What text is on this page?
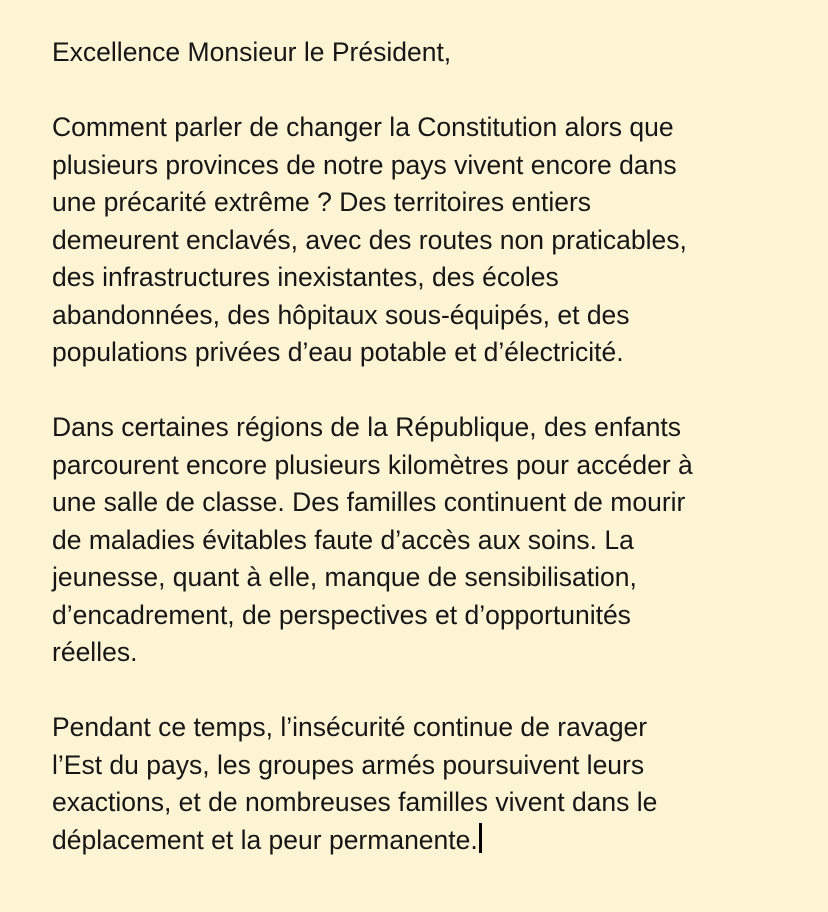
Excellence Monsieur le Président,

Comment parler de changer la Constitution alors que
plusieurs provinces de notre pays vivent encore dans
une précarité extrême ? Des territoires entiers
demeurent enclavés, avec des routes non praticables,
des infrastructures inexistantes, des écoles
abandonnées, des hôpitaux sous-équipés, et des
populations privées d’eau potable et d’électricité.

Dans certaines régions de la République, des enfants
parcourent encore plusieurs kilomètres pour accéder à
une salle de classe. Des familles continuent de mourir
de maladies évitables faute d’accès aux soins. La
jeunesse, quant à elle, manque de sensibilisation,
d’encadrement, de perspectives et d’opportunités
réelles.

Pendant ce temps, l’insécurité continue de ravager
l’Est du pays, les groupes armés poursuivent leurs
exactions, et de nombreuses familles vivent dans le
déplacement et la peur permanente.
